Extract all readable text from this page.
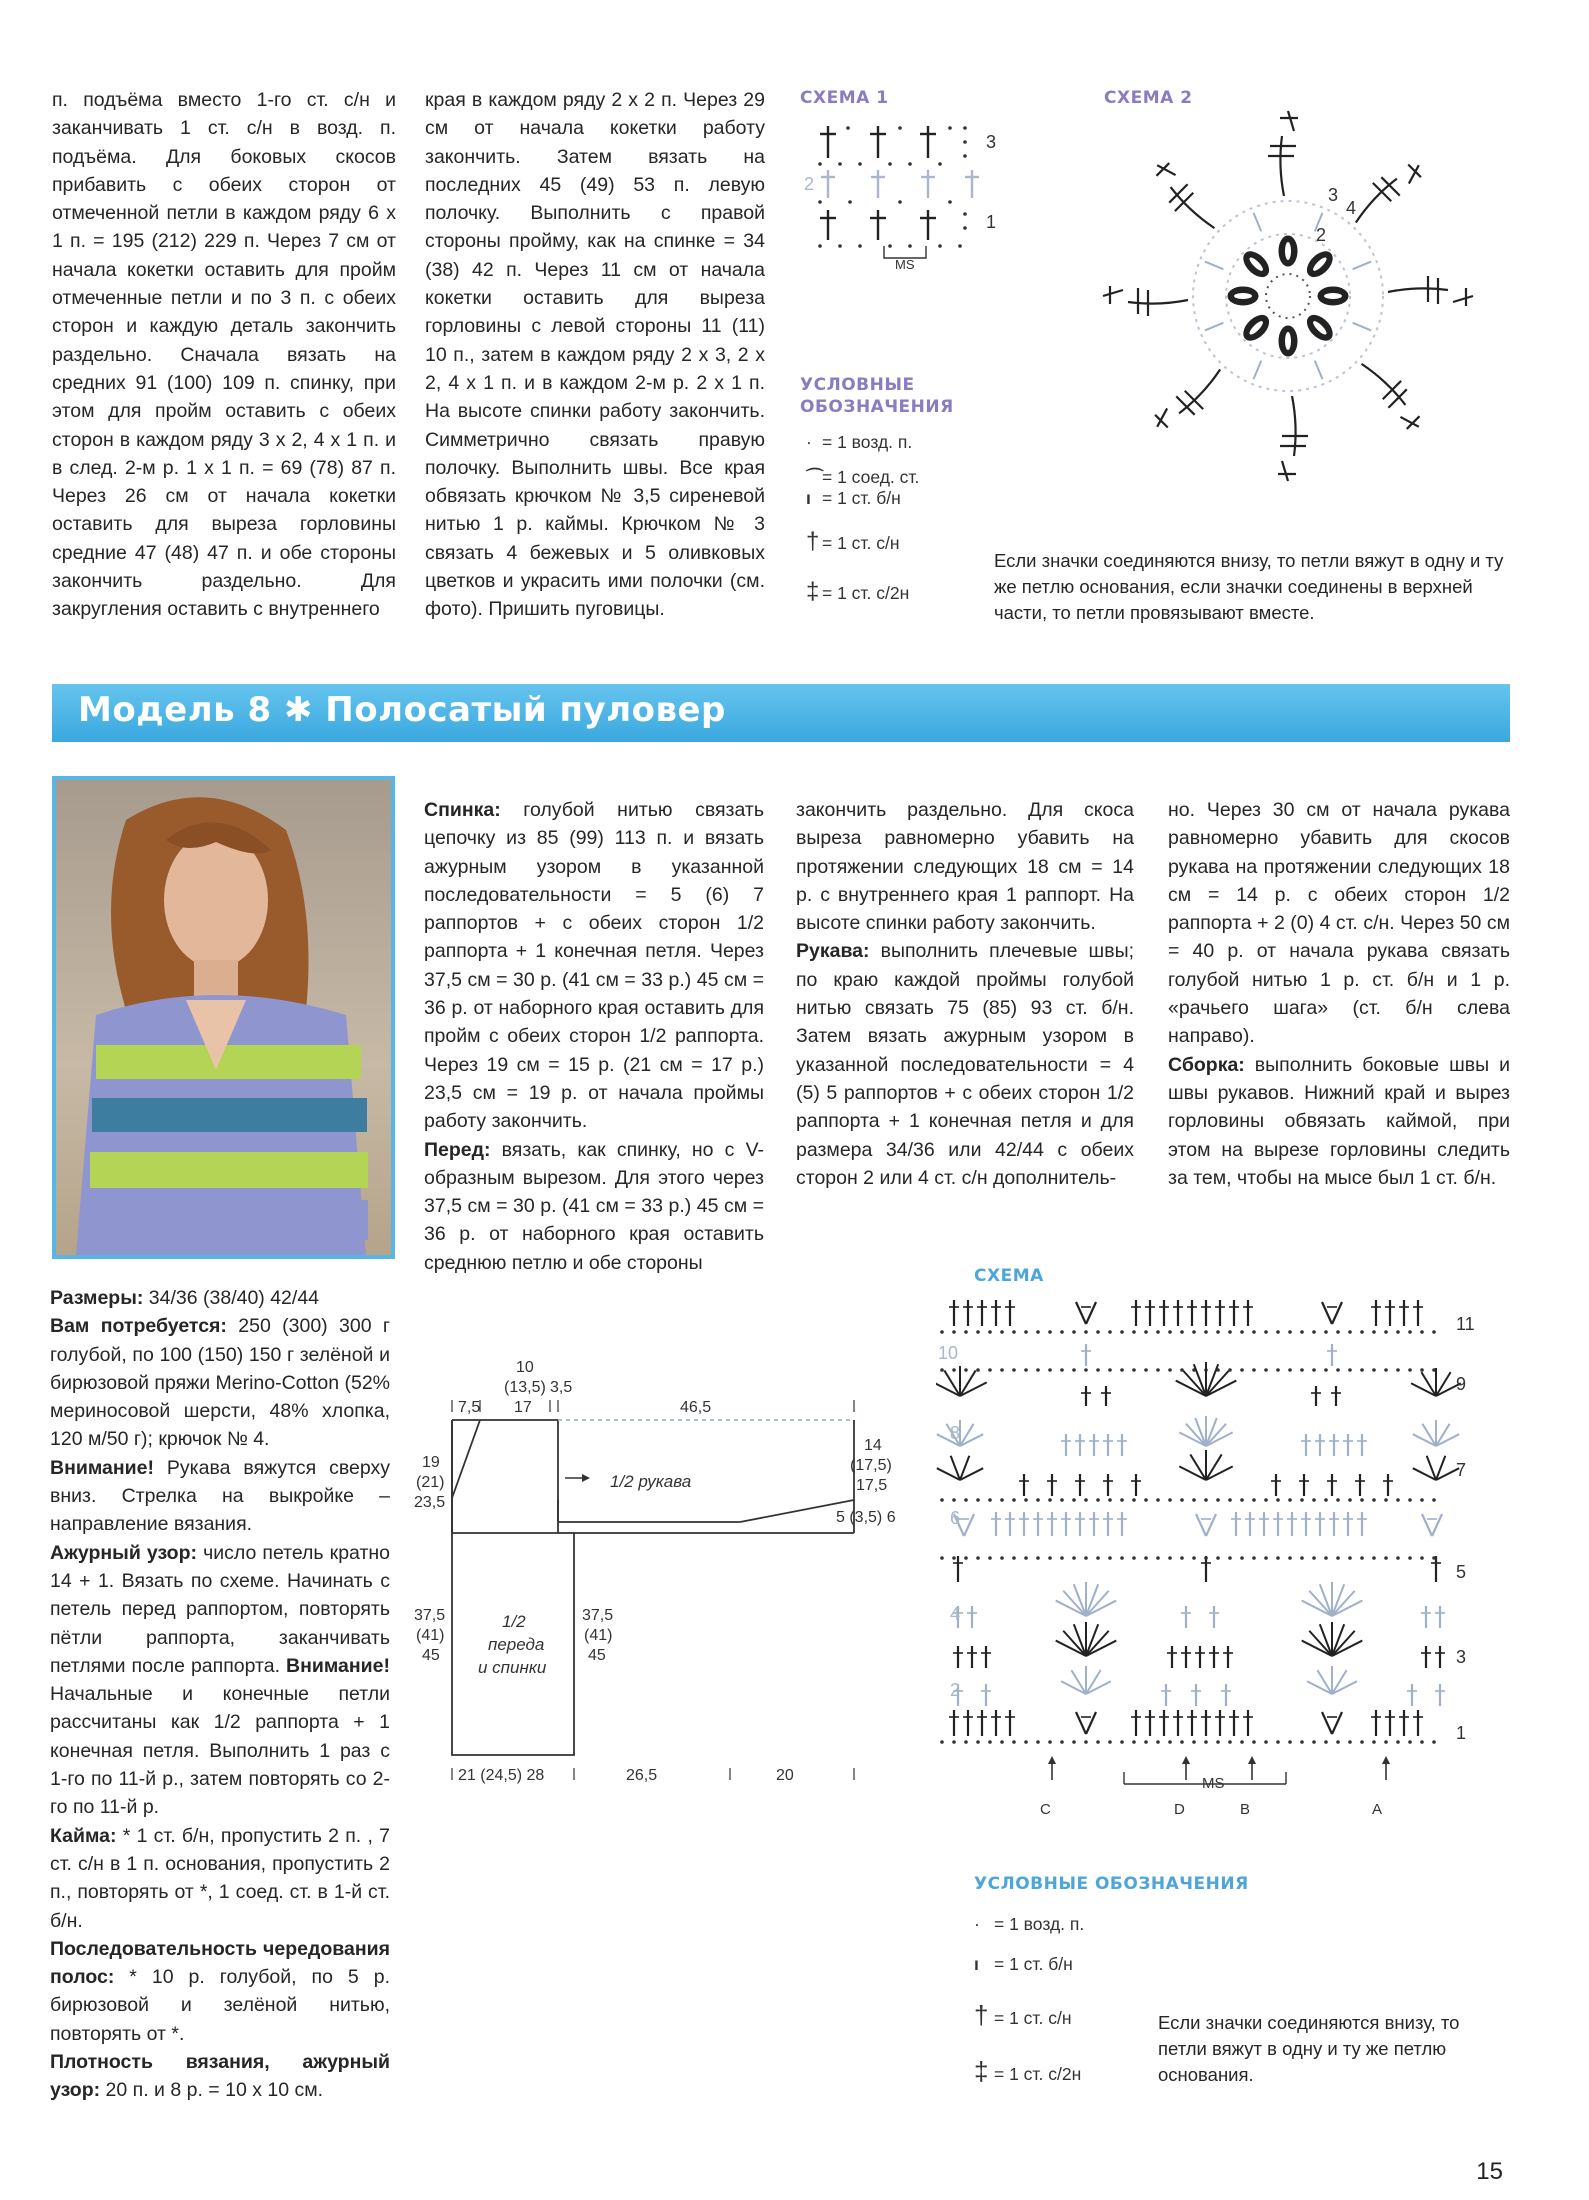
п. подъёма вместо 1-го ст. с/н и заканчивать 1 ст. с/н в возд. п. подъёма. Для боковых скосов прибавить с обеих сторон от отмеченной петли в каждом ряду 6 x 1 п. = 195 (212) 229 п. Через 7 см от начала кокетки оставить для пройм отмеченные петли и по 3 п. с обеих сторон и каждую деталь закончить раздельно. Сначала вязать на средних 91 (100) 109 п. спинку, при этом для пройм оставить с обеих сторон в каждом ряду 3 x 2, 4 x 1 п. и в след. 2-м р. 1 x 1 п. = 69 (78) 87 п. Через 26 см от начала кокетки оставить для выреза горловины средние 47 (48) 47 п. и обе стороны закончить раздельно. Для закругления оставить с внутреннего
края в каждом ряду 2 x 2 п. Через 29 см от начала кокетки работу закончить. Затем вязать на последних 45 (49) 53 п. левую полочку. Выполнить с правой стороны пройму, как на спинке = 34 (38) 42 п. Через 11 см от начала кокетки оставить для выреза горловины с левой стороны 11 (11) 10 п., затем в каждом ряду 2 x 3, 2 x 2, 4 x 1 п. и в каждом 2-м р. 2 x 1 п. На высоте спинки работу закончить. Симметрично связать правую полочку. Выполнить швы. Все края обвязать крючком № 3,5 сиреневой нитью 1 р. каймы. Крючком № 3 связать 4 бежевых и 5 оливковых цветков и украсить ими полочки (см. фото). Пришить пуговицы.
СХЕМА 1
MS
3
2
1
СХЕМА 2
3
4
2
УСЛОВНЫЕ
ОБОЗНАЧЕНИЯ
· = 1 возд. п.
⌒= 1 соед. ст.
ı = 1 ст. б/н
† = 1 ст. с/н
‡ = 1 ст. с/2н
Если значки соединяются внизу, то петли вяжут в одну и ту же петлю основания, если значки соединены в верхней части, то петли провязывают вместе.
Модель 8 ✱ Полосатый пуловер

Размеры: 34/36 (38/40) 42/44

Вам потребуется: 250 (300) 300 г голубой, по 100 (150) 150 г зелёной и бирюзовой пряжи Merino-Cotton (52% мериносовой шерсти, 48% хлопка, 120 м/50 г); крючок № 4.

Внимание! Рукава вяжутся сверху вниз. Стрелка на выкройке – направление вязания.

Ажурный узор: число петель кратно 14 + 1. Вязать по схеме. Начинать с петель перед раппортом, повторять пётли раппорта, заканчивать петлями после раппорта. Внимание! Начальные и конечные петли рассчитаны как 1/2 раппорта + 1 конечная петля. Выполнить 1 раз с 1-го по 11-й р., затем повторять со 2-го по 11-й р.

Кайма: * 1 ст. б/н, пропустить 2 п. , 7 ст. с/н в 1 п. основания, пропустить 2 п., повторять от *, 1 соед. ст. в 1-й ст. б/н.

Последовательность чередования полос: * 10 р. голубой, по 5 р. бирюзовой и зелёной нитью, повторять от *.

Плотность вязания, ажурный узор: 20 п. и 8 р. = 10 x 10 см.

Спинка: голубой нитью связать цепочку из 85 (99) 113 п. и вязать ажурным узором в указанной последовательности = 5 (6) 7 раппортов + с обеих сторон 1/2 раппорта + 1 конечная петля. Через 37,5 см = 30 р. (41 см = 33 р.) 45 см = 36 р. от наборного края оставить для пройм с обеих сторон 1/2 раппорта. Через 19 см = 15 р. (21 см = 17 р.) 23,5 см = 19 р. от начала проймы работу закончить.

Перед: вязать, как спинку, но с V-образным вырезом. Для этого через 37,5 см = 30 р. (41 см = 33 р.) 45 см = 36 р. от наборного края оставить среднюю петлю и обе стороны

закончить раздельно. Для скоса выреза равномерно убавить на протяжении следующих 18 см = 14 р. с внутреннего края 1 раппорт. На высоте спинки работу закончить.

Рукава: выполнить плечевые швы; по краю каждой проймы голубой нитью связать 75 (85) 93 ст. б/н. Затем вязать ажурным узором в указанной последовательности = 4 (5) 5 раппортов + с обеих сторон 1/2 раппорта + 1 конечная петля и для размера 34/36 или 42/44 с обеих сторон 2 или 4 ст. с/н дополнитель-

но. Через 30 см от начала рукава равномерно убавить для скосов рукава на протяжении следующих 18 см = 14 р. с обеих сторон 1/2 раппорта + 2 (0) 4 ст. с/н. Через 50 см = 40 р. от начала рукава связать голубой нитью 1 р. ст. б/н и 1 р. «рачьего шага» (ст. б/н слева направо).

Сборка: выполнить боковые швы и швы рукавов. Нижний край и вырез горловины обвязать каймой, при этом на вырезе горловины следить за тем, чтобы на мысе был 1 ст. б/н.

1/2 рукава
1/2
переда
и спинки
10
(13,5) 3,5
7,5 17	46,5
19
(21)
23,5
14
(17,5)
17,5
5 (3,5) 6
37,5
(41)
45
37,5
(41)
45
21 (24,5) 28	26,5	20
СХЕМА
11
9
7
5
3
1
10
8
6
4
2
MS
C	D	B	A
УСЛОВНЫЕ ОБОЗНАЧЕНИЯ
· = 1 возд. п.
ı = 1 ст. б/н
† = 1 ст. с/н
‡ = 1 ст. с/2н
Если значки соединяются внизу, то петли вяжут в одну и ту же петлю основания.
15
